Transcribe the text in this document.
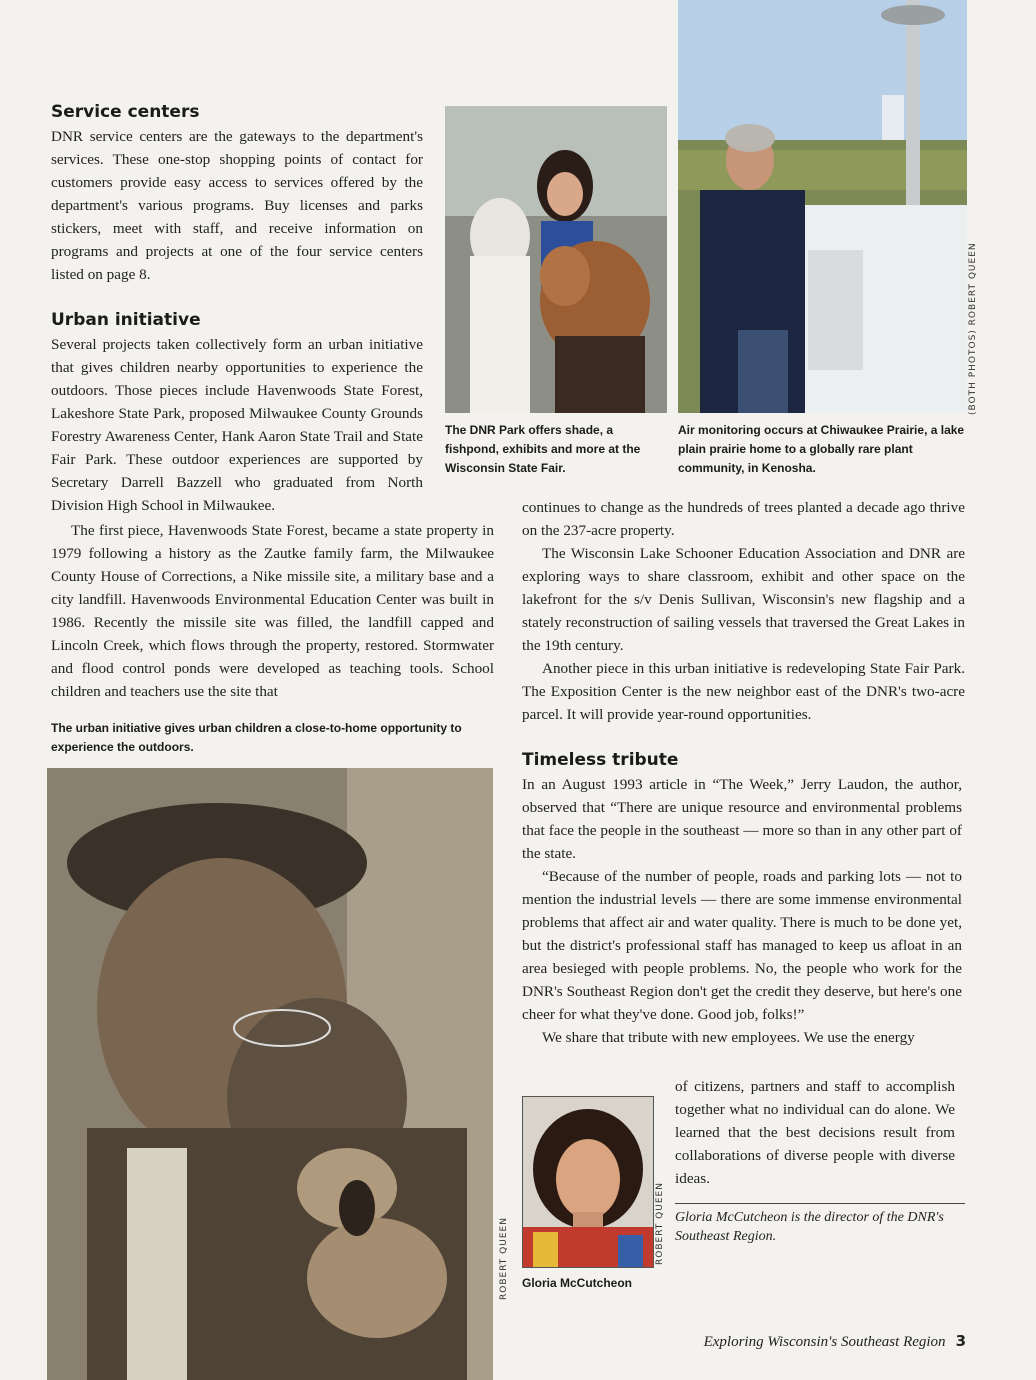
Service centers

DNR service centers are the gateways to the department's services. These one-stop shopping points of contact for customers provide easy access to services offered by the department's various programs. Buy licenses and parks stickers, meet with staff, and receive information on programs and projects at one of the four service centers listed on page 8.

Urban initiative

Several projects taken collectively form an urban initiative that gives children nearby opportunities to experience the outdoors. Those pieces include Havenwoods State Forest, Lakeshore State Park, proposed Milwaukee County Grounds Forestry Awareness Center, Hank Aaron State Trail and State Fair Park. These outdoor experiences are supported by Secretary Darrell Bazzell who graduated from North Division High School in Milwaukee.

(BOTH PHOTOS) ROBERT QUEEN
The DNR Park offers shade, a fishpond, exhibits and more at the Wisconsin State Fair.
Air monitoring occurs at Chiwaukee Prairie, a lake plain prairie home to a globally rare plant community, in Kenosha.

The first piece, Havenwoods State Forest, became a state property in 1979 following a history as the Zautke family farm, the Milwaukee County House of Corrections, a Nike missile site, a military base and a city landfill. Havenwoods Environmental Education Center was built in 1986. Recently the missile site was filled, the landfill capped and Lincoln Creek, which flows through the property, restored. Stormwater and flood control ponds were developed as teaching tools. School children and teachers use the site that

The urban initiative gives urban children a close-to-home opportunity to experience the outdoors.
ROBERT QUEEN

continues to change as the hundreds of trees planted a decade ago thrive on the 237-acre property.

The Wisconsin Lake Schooner Education Association and DNR are exploring ways to share classroom, exhibit and other space on the lakefront for the s/v Denis Sullivan, Wisconsin's new flagship and a stately reconstruction of sailing vessels that traversed the Great Lakes in the 19th century.

Another piece in this urban initiative is redeveloping State Fair Park. The Exposition Center is the new neighbor east of the DNR's two-acre parcel. It will provide year-round opportunities.

Timeless tribute

In an August 1993 article in “The Week,” Jerry Laudon, the author, observed that “There are unique resource and environmental problems that face the people in the southeast — more so than in any other part of the state.

“Because of the number of people, roads and parking lots — not to mention the industrial levels — there are some immense environmental problems that affect air and water quality. There is much to be done yet, but the district's professional staff has managed to keep us afloat in an area besieged with people problems. No, the people who work for the DNR's Southeast Region don't get the credit they deserve, but here's one cheer for what they've done. Good job, folks!”

We share that tribute with new employees. We use the energy

of citizens, partners and staff to accomplish together what no individual can do alone. We learned that the best decisions result from collaborations of diverse people with diverse ideas.

ROBERT QUEEN
Gloria McCutcheon
Gloria McCutcheon is the director of the DNR's Southeast Region.
Exploring Wisconsin's Southeast Region 3
